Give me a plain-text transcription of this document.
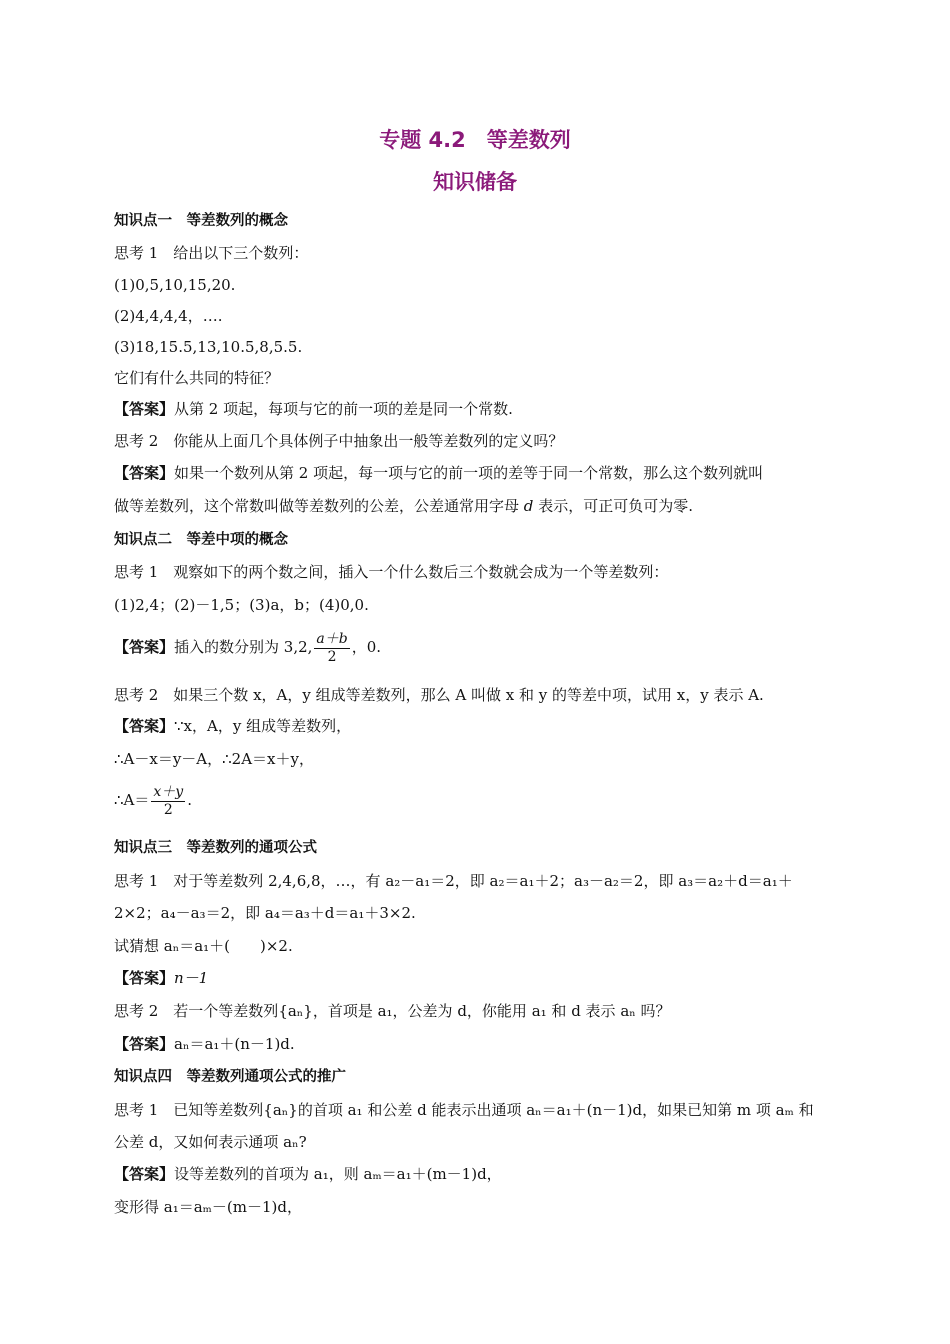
专题 4.2　等差数列
知识储备
知识点一　等差数列的概念
思考 1　给出以下三个数列：
(1)0,5,10,15,20.
(2)4,4,4,4，….
(3)18,15.5,13,10.5,8,5.5.
它们有什么共同的特征？
【答案】从第 2 项起，每项与它的前一项的差是同一个常数.
思考 2　你能从上面几个具体例子中抽象出一般等差数列的定义吗？
【答案】如果一个数列从第 2 项起，每一项与它的前一项的差等于同一个常数，那么这个数列就叫
做等差数列，这个常数叫做等差数列的公差，公差通常用字母 d 表示，可正可负可为零.
知识点二　等差中项的概念
思考 1　观察如下的两个数之间，插入一个什么数后三个数就会成为一个等差数列：
(1)2,4；(2)－1,5；(3)a，b；(4)0,0.
【答案】插入的数分别为 3,2, $\frac{a+b}{2}$ ，0.
思考 2　如果三个数 x，A，y 组成等差数列，那么 A 叫做 x 和 y 的等差中项，试用 x，y 表示 A.
【答案】∵x，A，y 组成等差数列，
∴A－x＝y－A，∴2A＝x＋y，
∴A＝ $\frac{x+y}{2}$ .
知识点三　等差数列的通项公式
思考 1　对于等差数列 2,4,6,8，…，有 a₂－a₁＝2，即 a₂＝a₁＋2；a₃－a₂＝2，即 a₃＝a₂＋d＝a₁＋
2×2；a₄－a₃＝2，即 a₄＝a₃＋d＝a₁＋3×2.
试猜想 aₙ＝a₁＋(　　)×2.
【答案】n－1
思考 2　若一个等差数列{aₙ}，首项是 a₁，公差为 d，你能用 a₁ 和 d 表示 aₙ 吗？
【答案】aₙ＝a₁＋(n－1)d.
知识点四　等差数列通项公式的推广
思考 1　已知等差数列{aₙ}的首项 a₁ 和公差 d 能表示出通项 aₙ＝a₁＋(n－1)d，如果已知第 m 项 aₘ 和
公差 d，又如何表示通项 aₙ?
【答案】设等差数列的首项为 a₁，则 aₘ＝a₁＋(m－1)d，
变形得 a₁＝aₘ－(m－1)d，
